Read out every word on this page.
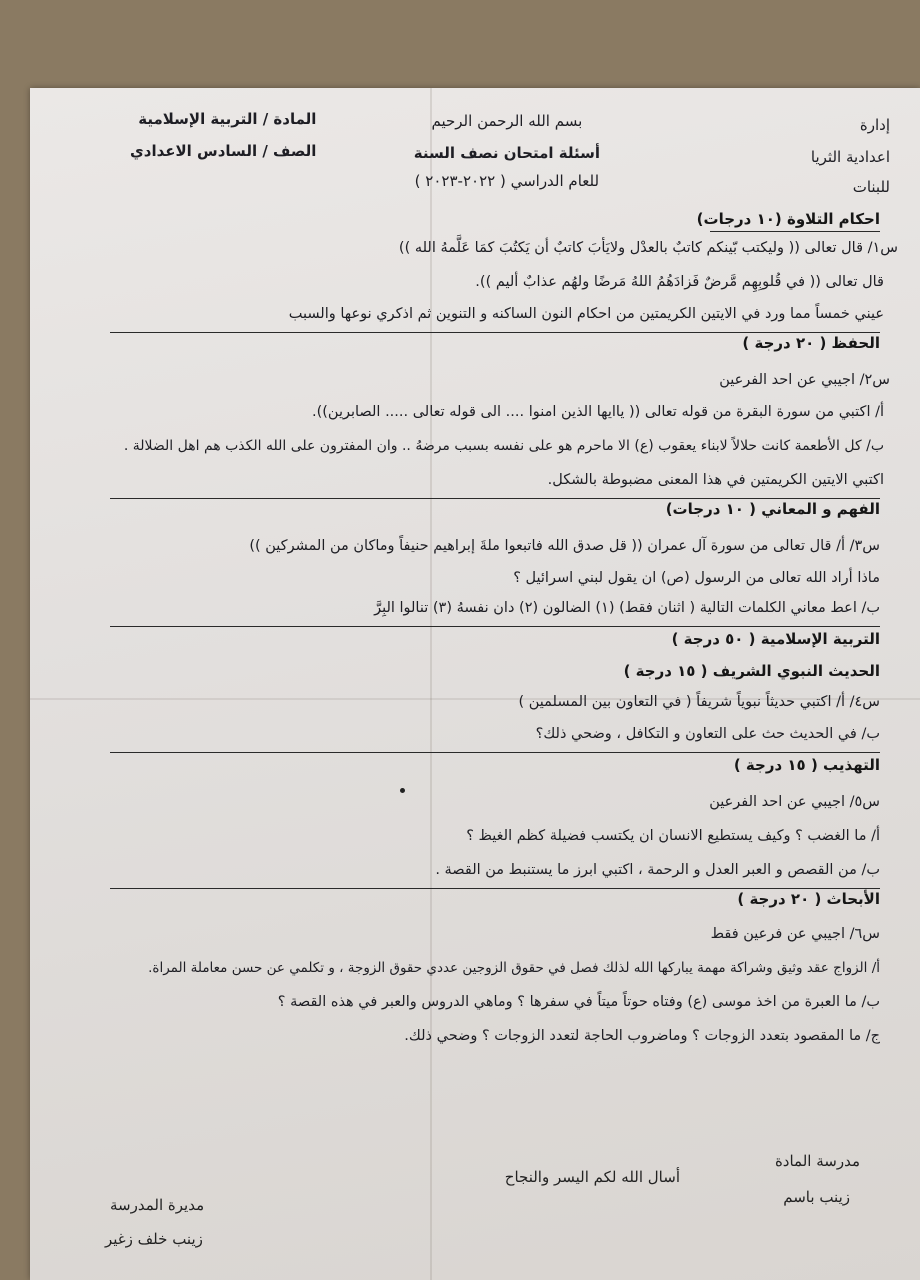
إدارة
اعدادية الثريا
للبنات
بسم الله الرحمن الرحيم
أسئلة امتحان نصف السنة
للعام الدراسي ( ٢٠٢٢-٢٠٢٣ )
المادة / التربية الإسلامية
الصف / السادس الاعدادي
احكام التلاوة (١٠ درجات)
س١/ قال تعالى (( وليكتب بّينكم كاتبٌ بالعدْل ولايَأبَ كاتبٌ أن يَكتُبَ كمَا عَلَّمهُ الله ))
قال تعالى (( في قُلوبِهِم مَّرضٌ فَزادَهُمُ اللهُ مَرضًا ولهُم عذابٌ أليم )).
عيني خمساً مما ورد في الايتين الكريمتين من احكام النون الساكنه و التنوين ثم اذكري نوعها والسبب
الحفظ ( ٢٠ درجة )
س٢/ اجيبي عن احد الفرعين
أ/ اكتبي من سورة البقرة من قوله تعالى (( ياايها الذين امنوا .... الى قوله تعالى ..... الصابرين)).
ب/ كل الأطعمة كانت حلالاً لابناء يعقوب (ع) الا ماحرم هو على نفسه بسبب مرضهُ .. وان المفترون على الله الكذب هم اهل الضلالة .
اكتبي الايتين الكريمتين في هذا المعنى مضبوطة بالشكل.
الفهم و المعاني ( ١٠ درجات)
س٣/ أ/ قال تعالى من سورة آل عمران (( قل صدق الله فاتبعوا ملةَ إبراهيم حنيفاً وماكان من المشركين ))
ماذا أراد الله تعالى من الرسول (ص) ان يقول لبني اسرائيل ؟
ب/ اعط معاني الكلمات التالية ( اثنان فقط) (١) الضالون (٢) دان نفسهُ (٣) تنالوا البِرَّ
التربية الإسلامية ( ٥٠ درجة )
الحديث النبوي الشريف ( ١٥ درجة )
س٤/ أ/ اكتبي حديثاً نبوياً شريفاً ( في التعاون بين المسلمين )
ب/ في الحديث حث على التعاون و التكافل ، وضحي ذلك؟
التهذيب ( ١٥ درجة )
س٥/ اجيبي عن احد الفرعين
أ/ ما الغضب ؟ وكيف يستطيع الانسان ان يكتسب فضيلة كظم الغيظ ؟
ب/ من القصص و العبر العدل و الرحمة ، اكتبي ابرز ما يستنبط من القصة .
الأبحاث ( ٢٠ درجة )
س٦/ اجيبي عن فرعين فقط
أ/ الزواج عقد وثيق وشراكة مهمة يباركها الله لذلك فصل في حقوق الزوجين عددي حقوق الزوجة ، و تكلمي عن حسن معاملة المراة.
ب/ ما العبرة من اخذ موسى (ع) وفتاه حوتاً ميتاً في سفرها ؟ وماهي الدروس والعبر في هذه القصة ؟
ج/ ما المقصود بتعدد الزوجات ؟ وماضروب الحاجة لتعدد الزوجات ؟ وضحي ذلك.
أسال الله لكم اليسر والنجاح
مدرسة المادة
زينب باسم
مديرة المدرسة
زينب خلف زغير
